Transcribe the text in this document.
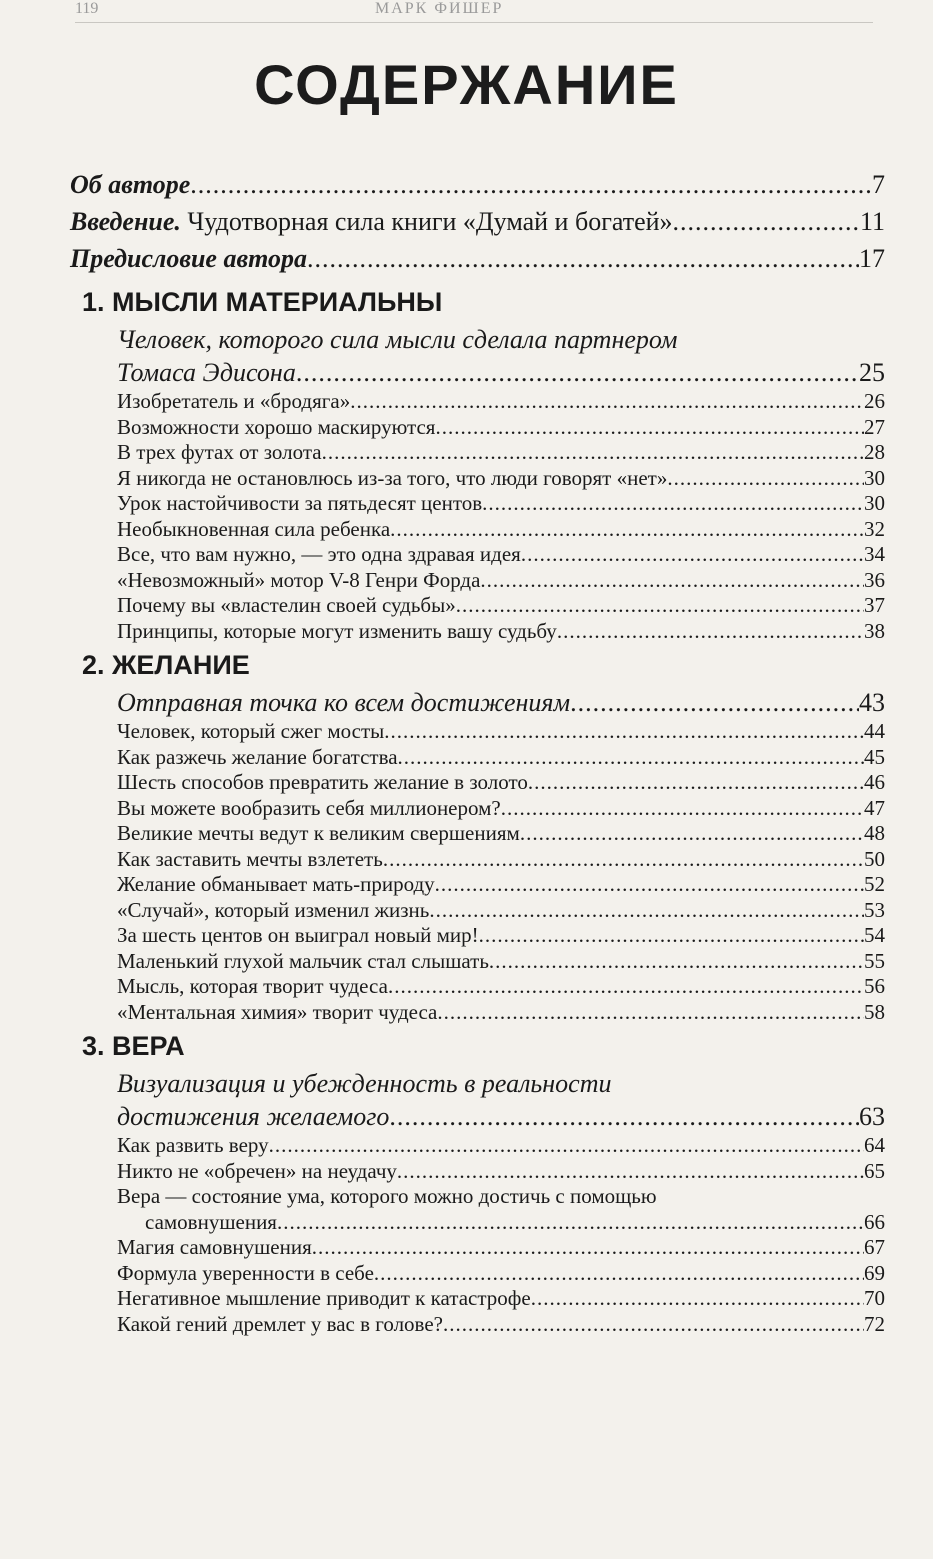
119	МАРК ФИШЕР
СОДЕРЖАНИЕ
Об авторе .....	7
Введение. Чудотворная сила книги «Думай и богатей» .....	11
Предисловие автора .....	17
1. МЫСЛИ МАТЕРИАЛЬНЫ
Человек, которого сила мысли сделала партнером
Томаса Эдисона .....	25
Изобретатель и «бродяга» .....	26
Возможности хорошо маскируются .....	27
В трех футах от золота .....	28
Я никогда не остановлюсь из-за того, что люди говорят «нет» .....	30
Урок настойчивости за пятьдесят центов .....	30
Необыкновенная сила ребенка .....	32
Все, что вам нужно, — это одна здравая идея .....	34
«Невозможный» мотор V-8 Генри Форда .....	36
Почему вы «властелин своей судьбы» .....	37
Принципы, которые могут изменить вашу судьбу .....	38
2. ЖЕЛАНИЕ
Отправная точка ко всем достижениям .....	43
Человек, который сжег мосты .....	44
Как разжечь желание богатства .....	45
Шесть способов превратить желание в золото .....	46
Вы можете вообразить себя миллионером? .....	47
Великие мечты ведут к великим свершениям .....	48
Как заставить мечты взлететь .....	50
Желание обманывает мать-природу .....	52
«Случай», который изменил жизнь .....	53
За шесть центов он выиграл новый мир! .....	54
Маленький глухой мальчик стал слышать .....	55
Мысль, которая творит чудеса .....	56
«Ментальная химия» творит чудеса .....	58
3. ВЕРА
Визуализация и убежденность в реальности
достижения желаемого .....	63
Как развить веру .....	64
Никто не «обречен» на неудачу .....	65
Вера — состояние ума, которого можно достичь с помощью
самовнушения .....	66
Магия самовнушения .....	67
Формула уверенности в себе .....	69
Негативное мышление приводит к катастрофе .....	70
Какой гений дремлет у вас в голове? .....	72
